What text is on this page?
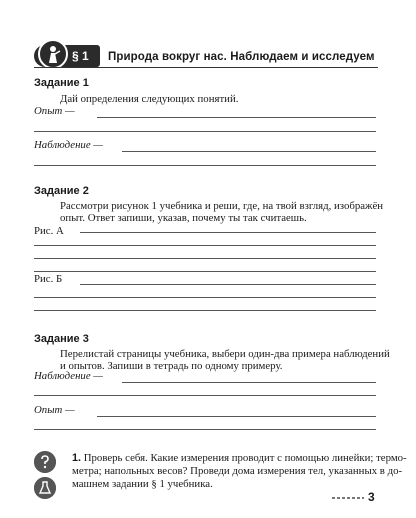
§ 1 Природа вокруг нас. Наблюдаем и исследуем
Задание 1
Дай определения следующих понятий.
Опыт —
Наблюдение —
Задание 2
Рассмотри рисунок 1 учебника и реши, где, на твой взгляд, изображён
опыт. Ответ запиши, указав, почему ты так считаешь.
Рис. А
Рис. Б
Задание 3
Перелистай страницы учебника, выбери один-два примера наблюдений
и опытов. Запиши в тетрадь по одному примеру.
Наблюдение —
Опыт —
1. Проверь себя. Какие измерения проводит с помощью линейки; термо-
метра; напольных весов? Проведи дома измерения тел, указанных в до-
машнем задании § 1 учебника.
3
